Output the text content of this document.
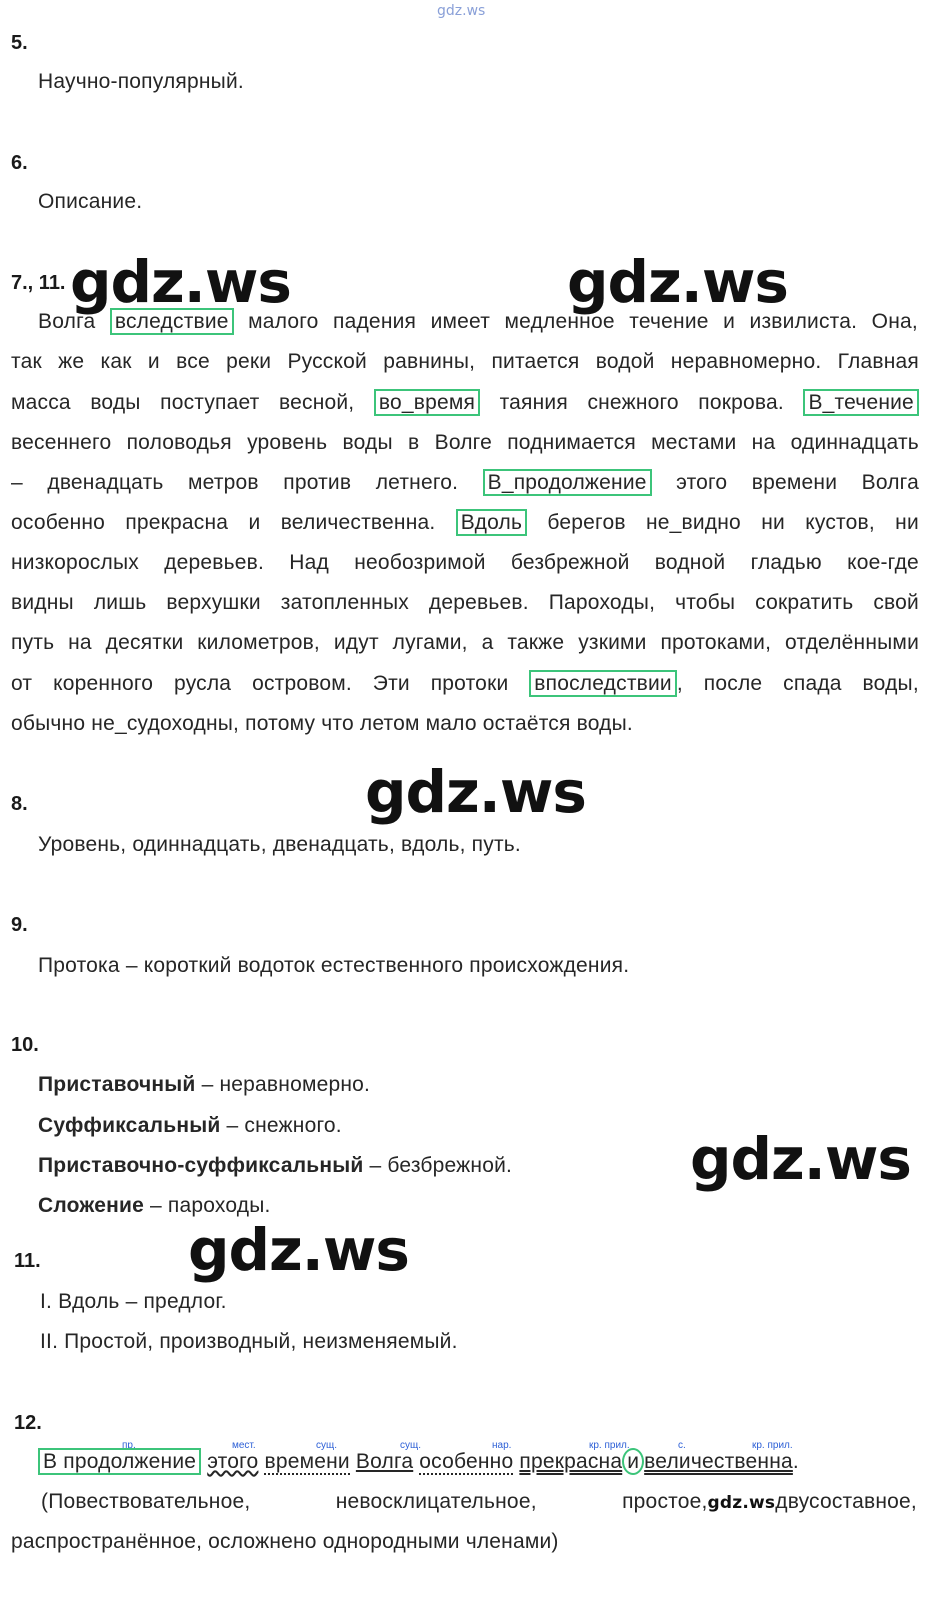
gdz.ws
5.
Научно-популярный.
6.
Описание.
7., 11.
Волга вследствие малого падения имеет медленное течение и извилиста. Она,
так же как и все реки Русской равнины, питается водой неравномерно. Главная
масса воды поступает весной, во_время таяния снежного покрова. В_течение
весеннего половодья уровень воды в Волге поднимается местами на одиннадцать
– двенадцать метров против летнего. В_продолжение этого времени Волга
особенно прекрасна и величественна. Вдоль берегов не_видно ни кустов, ни
низкорослых деревьев. Над необозримой безбрежной водной гладью кое-где
видны лишь верхушки затопленных деревьев. Пароходы, чтобы сократить свой
путь на десятки километров, идут лугами, а также узкими протоками, отделёнными
от коренного русла островом. Эти протоки впоследствии , после спада воды,
обычно не_судоходны, потому что летом мало остаётся воды.
8.
Уровень, одиннадцать, двенадцать, вдоль, путь.
9.
Протока – короткий водоток естественного происхождения.
10.
Приставочный – неравномерно.
Суффиксальный – снежного.
Приставочно-суффиксальный – безбрежной.
Сложение – пароходы.
11.
I. Вдоль – предлог.
II. Простой, производный, неизменяемый.
12.
пр.	мест.	сущ.	сущ.	нар.	кр. прил.	с.	кр. прил.
В продолжение этого времени Волга особенно прекрасна и величественна.
(Повествовательное,	невосклицательное,	простое,gdz.wsдвусоставное,
распространённое, осложнено однородными членами)
gdz.ws	gdz.ws
gdz.ws
gdz.ws
gdz.ws
